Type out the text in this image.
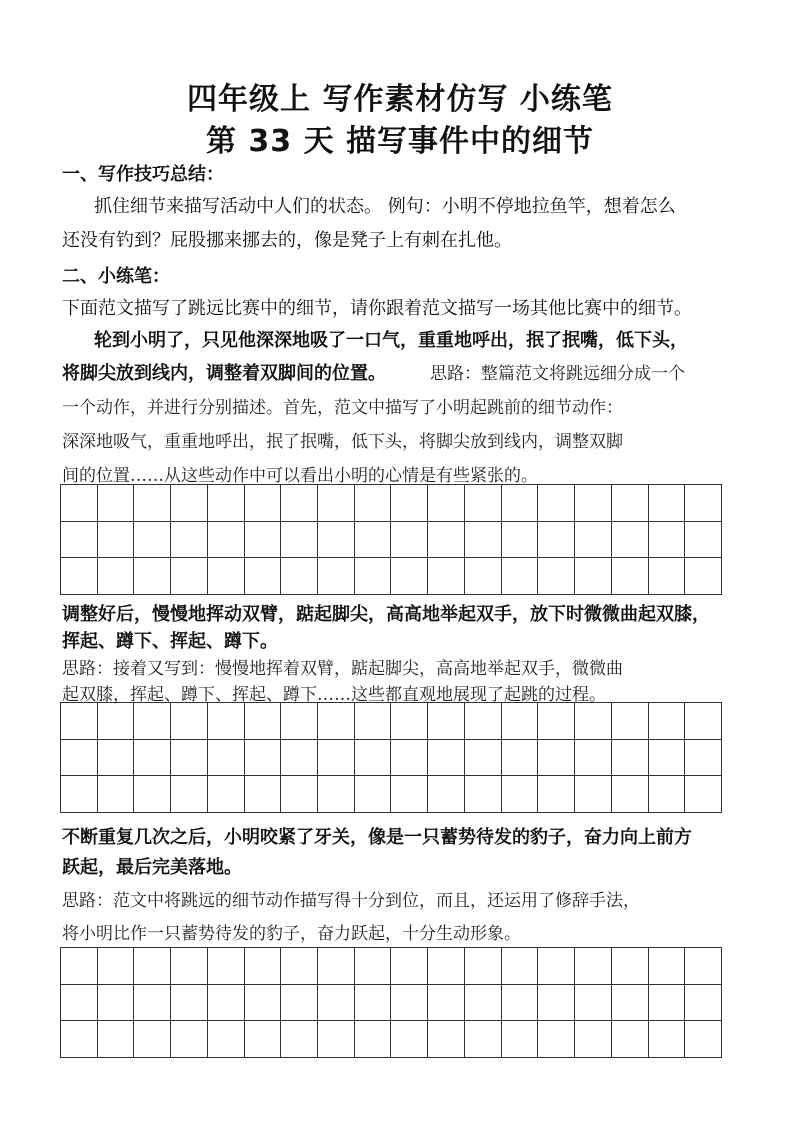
四年级上 写作素材仿写 小练笔
第 33 天 描写事件中的细节
一、写作技巧总结：
抓住细节来描写活动中人们的状态。 例句：小明不停地拉鱼竿，想着怎么
还没有钓到？屁股挪来挪去的，像是凳子上有刺在扎他。
二、小练笔：
下面范文描写了跳远比赛中的细节，请你跟着范文描写一场其他比赛中的细节。
轮到小明了，只见他深深地吸了一口气，重重地呼出，抿了抿嘴，低下头，
将脚尖放到线内，调整着双脚间的位置。	思路：整篇范文将跳远细分成一个
一个动作，并进行分别描述。首先，范文中描写了小明起跳前的细节动作：
深深地吸气，重重地呼出，抿了抿嘴，低下头，将脚尖放到线内，调整双脚
间的位置……从这些动作中可以看出小明的心情是有些紧张的。
调整好后，慢慢地挥动双臂，踮起脚尖，高高地举起双手，放下时微微曲起双膝，
挥起、蹲下、挥起、蹲下。
思路：接着又写到：慢慢地挥着双臂，踮起脚尖，高高地举起双手，微微曲
起双膝，挥起、蹲下、挥起、蹲下……这些都直观地展现了起跳的过程。
不断重复几次之后，小明咬紧了牙关，像是一只蓄势待发的豹子，奋力向上前方
跃起，最后完美落地。
思路：范文中将跳远的细节动作描写得十分到位，而且，还运用了修辞手法，
将小明比作一只蓄势待发的豹子，奋力跃起，十分生动形象。
